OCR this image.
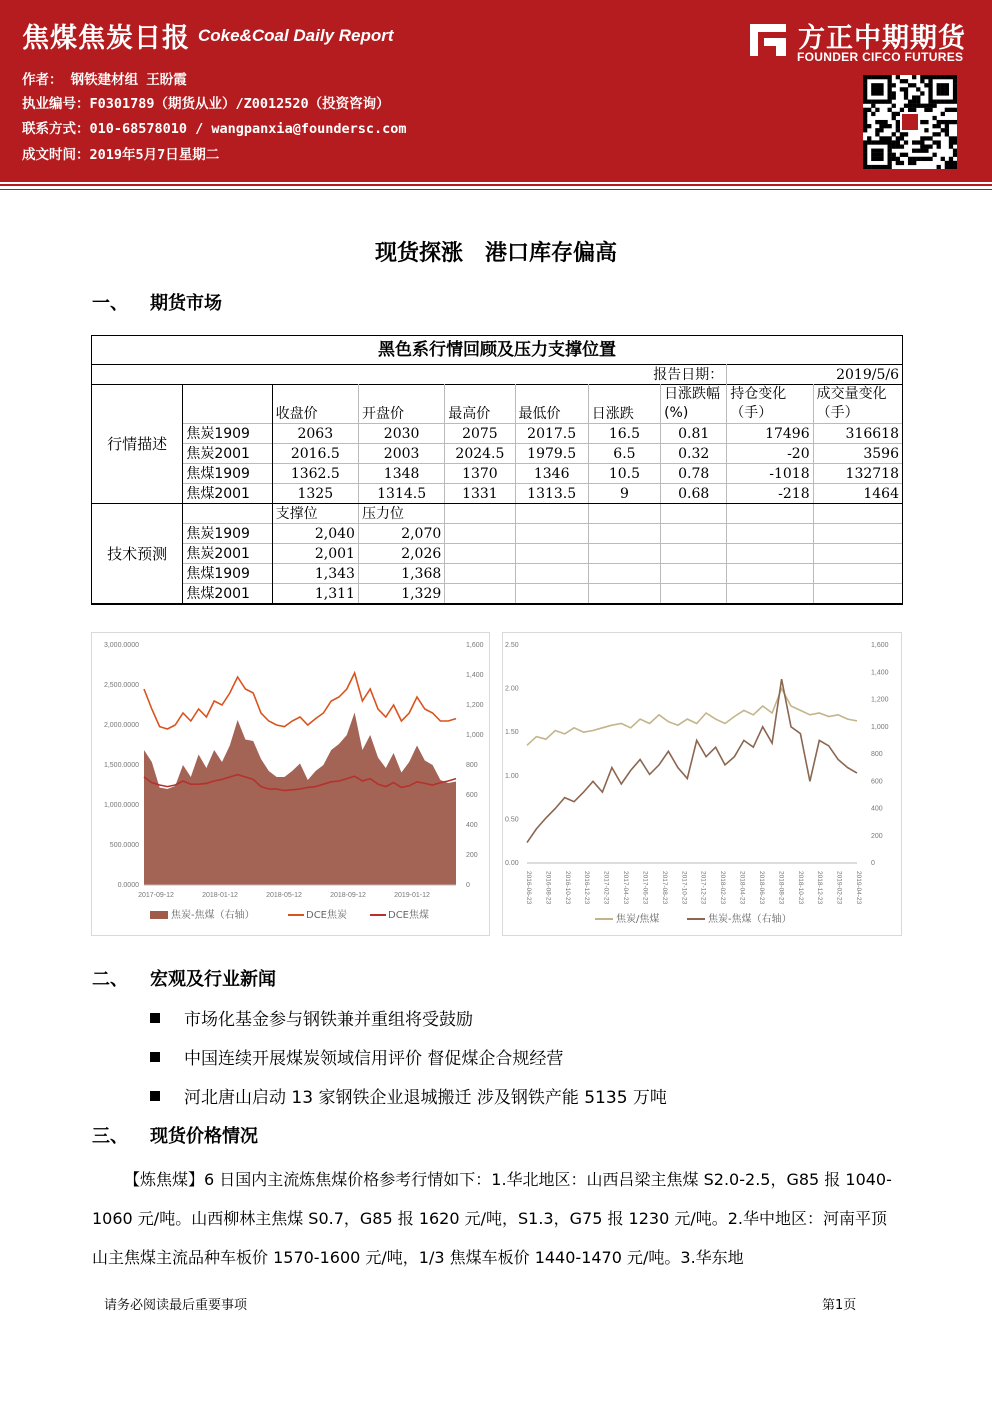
焦煤焦炭日报 Coke&Coal Daily Report
作者： 钢铁建材组 王盼霞
执业编号：F0301789（期货从业）/Z0012520（投资咨询）
联系方式：010-68578010 / wangpanxia@foundersc.com
成文时间：2019年5月7日星期二
方正中期期货
FOUNDER CIFCO FUTURES
现货探涨　港口库存偏高
一、 期货市场
黑色系行情回顾及压力支撑位置									
报告日期：								2019/5/6	
行情描述		收盘价	开盘价	最高价	最低价	日涨跌	日涨跌幅
(%)	持仓变化
（手）	成交量变化
（手）
	焦炭1909	2063	2030	2075	2017.5	16.5	0.81	17496	316618
	焦炭2001	2016.5	2003	2024.5	1979.5	6.5	0.32	-20	3596
	焦煤1909	1362.5	1348	1370	1346	10.5	0.78	-1018	132718
	焦煤2001	1325	1314.5	1331	1313.5	9	0.68	-218	1464
技术预测		支撑位	压力位						
	焦炭1909	2,040	2,070						
	焦炭2001	2,001	2,026						
	焦煤1909	1,343	1,368						
	焦煤2001	1,311	1,329						
3,000.0000
2,500.0000
2,000.0000
1,500.0000
1,000.0000
500.0000
0.0000
1,600
1,400
1,200
1,000
800
600
400
200
0
2017-09-12	2018-01-12	2018-05-12	2018-09-12	2019-01-12
焦炭-焦煤（右轴）	DCE焦炭	DCE焦煤
2.50
2.00
1.50
1.00
0.50
0.00
1,600
1,400
1,200
1,000
800
600
400
200
0
2016-06-23 2016-08-23 2016-10-23 2016-12-23 2017-02-23 2017-04-23 2017-06-23 2017-08-23 2017-10-23 2017-12-23 2018-02-23 2018-04-23 2018-06-23 2018-08-23 2018-10-23 2018-12-23 2019-02-23 2019-04-23
焦炭/焦煤	焦炭-焦煤（右轴）
二、 宏观及行业新闻
市场化基金参与钢铁兼并重组将受鼓励
中国连续开展煤炭领域信用评价 督促煤企合规经营
河北唐山启动 13 家钢铁企业退城搬迁 涉及钢铁产能 5135 万吨
三、 现货价格情况
【炼焦煤】6 日国内主流炼焦煤价格参考行情如下：1.华北地区：山西吕梁主焦煤 S2.0-2.5，G85 报 1040-1060 元/吨。山西柳林主焦煤 S0.7，G85 报 1620 元/吨，S1.3，G75 报 1230 元/吨。2.华中地区：河南平顶山主焦煤主流品种车板价 1570-1600 元/吨，1/3 焦煤车板价 1440-1470 元/吨。3.华东地
请务必阅读最后重要事项	第1页
